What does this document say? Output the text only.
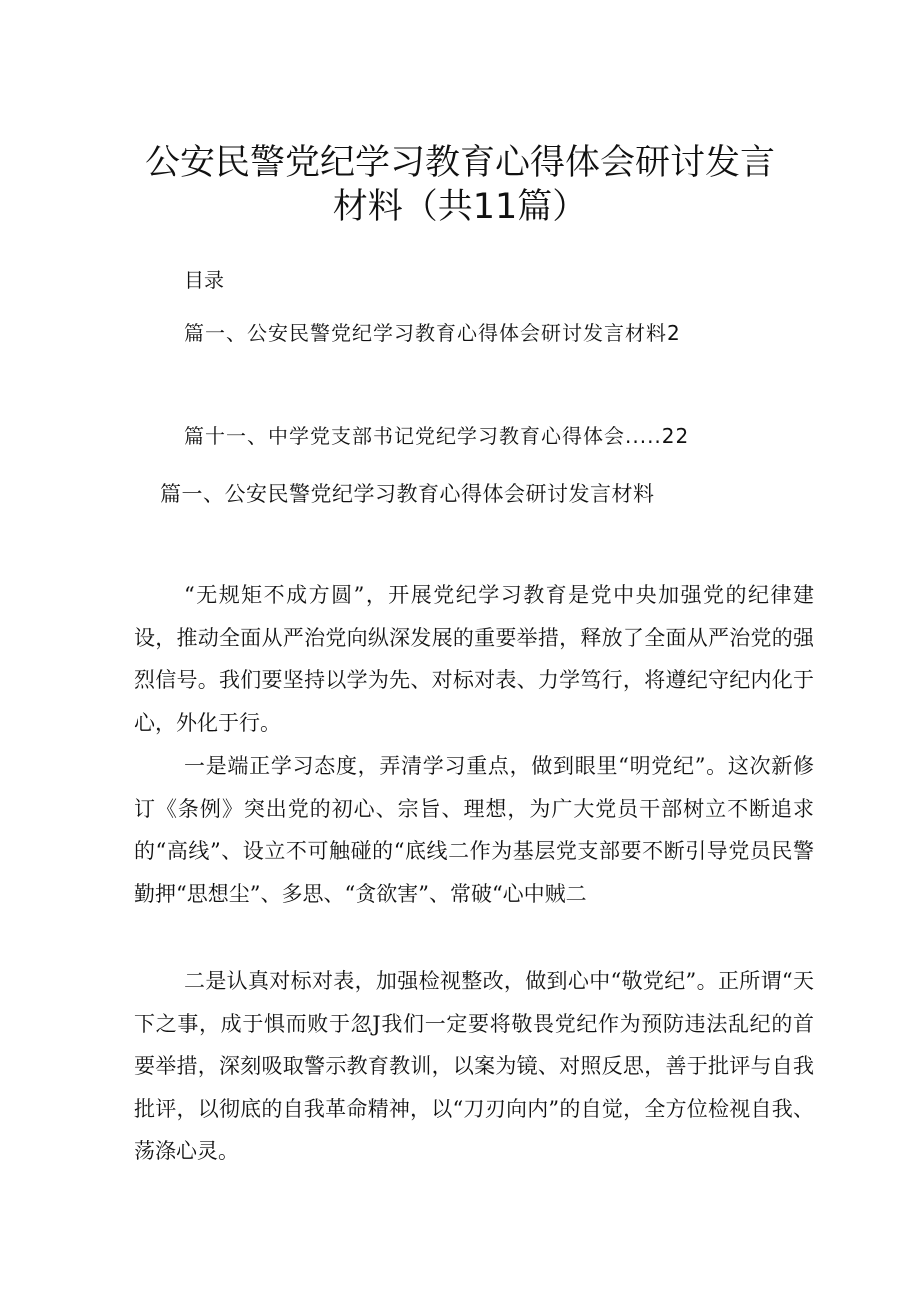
公安民警党纪学习教育心得体会研讨发言
材料（共11篇）
目录
篇一、公安民警党纪学习教育心得体会研讨发言材料2
篇十一、中学党支部书记党纪学习教育心得体会.....22
篇一、公安民警党纪学习教育心得体会研讨发言材料

“无规矩不成方圆”，开展党纪学习教育是党中央加强党的纪律建设，推动全面从严治党向纵深发展的重要举措，释放了全面从严治党的强烈信号。我们要坚持以学为先、对标对表、力学笃行，将遵纪守纪内化于心，外化于行。

一是端正学习态度，弄清学习重点，做到眼里“明党纪”。这次新修订《条例》突出党的初心、宗旨、理想，为广大党员干部树立不断追求的“高线”、设立不可触碰的“底线二作为基层党支部要不断引导党员民警勤押“思想尘”、多思、“贪欲害”、常破“心中贼二

二是认真对标对表，加强检视整改，做到心中“敬党纪”。正所谓“天下之事，成于惧而败于忽J我们一定要将敬畏党纪作为预防违法乱纪的首要举措，深刻吸取警示教育教训，以案为镜、对照反思，善于批评与自我批评，以彻底的自我革命精神，以“刀刃向内”的自觉，全方位检视自我、荡涤心灵。
